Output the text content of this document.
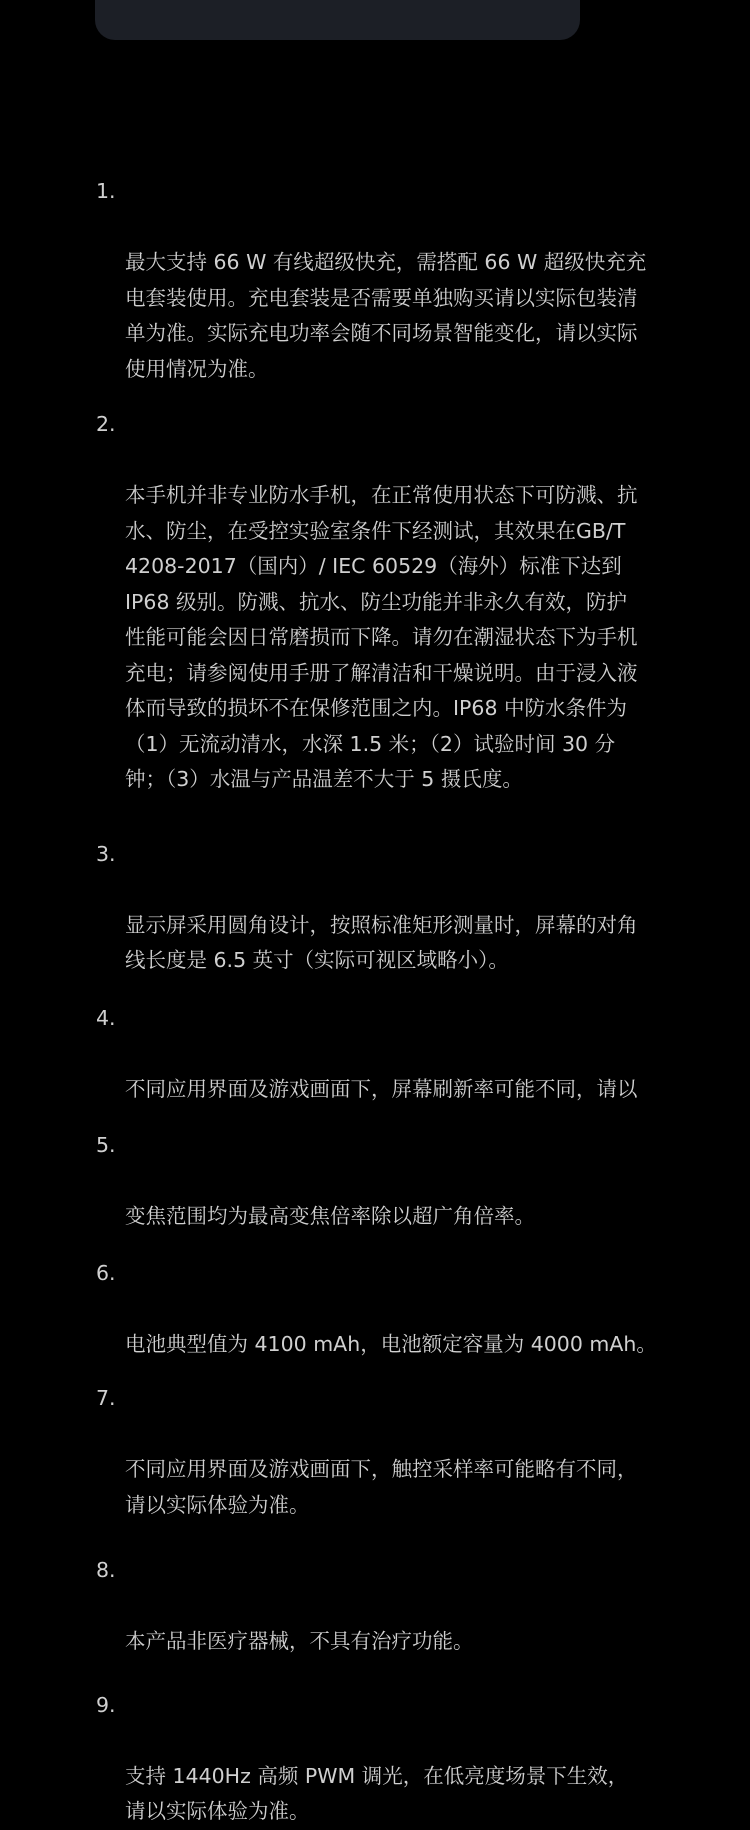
1.

最大支持 66 W 有线超级快充，需搭配 66 W 超级快充充
电套装使用。充电套装是否需要单独购买请以实际包装清
单为准。实际充电功率会随不同场景智能变化，请以实际
使用情况为准。

2.

本手机并非专业防水手机，在正常使用状态下可防溅、抗
水、防尘，在受控实验室条件下经测试，其效果在GB/T
4208-2017（国内）/ IEC 60529（海外）标准下达到
IP68 级别。防溅、抗水、防尘功能并非永久有效，防护
性能可能会因日常磨损而下降。请勿在潮湿状态下为手机
充电；请参阅使用手册了解清洁和干燥说明。由于浸入液
体而导致的损坏不在保修范围之内。IP68 中防水条件为
（1）无流动清水，水深 1.5 米；（2）试验时间 30 分
钟；（3）水温与产品温差不大于 5 摄氏度。

3.

显示屏采用圆角设计，按照标准矩形测量时，屏幕的对角
线长度是 6.5 英寸（实际可视区域略小）。

4.

不同应用界面及游戏画面下，屏幕刷新率可能不同，请以

5.

变焦范围均为最高变焦倍率除以超广角倍率。

6.

电池典型值为 4100 mAh，电池额定容量为 4000 mAh。

7.

不同应用界面及游戏画面下，触控采样率可能略有不同，
请以实际体验为准。

8.

本产品非医疗器械，不具有治疗功能。

9.

支持 1440Hz 高频 PWM 调光，在低亮度场景下生效，
请以实际体验为准。
